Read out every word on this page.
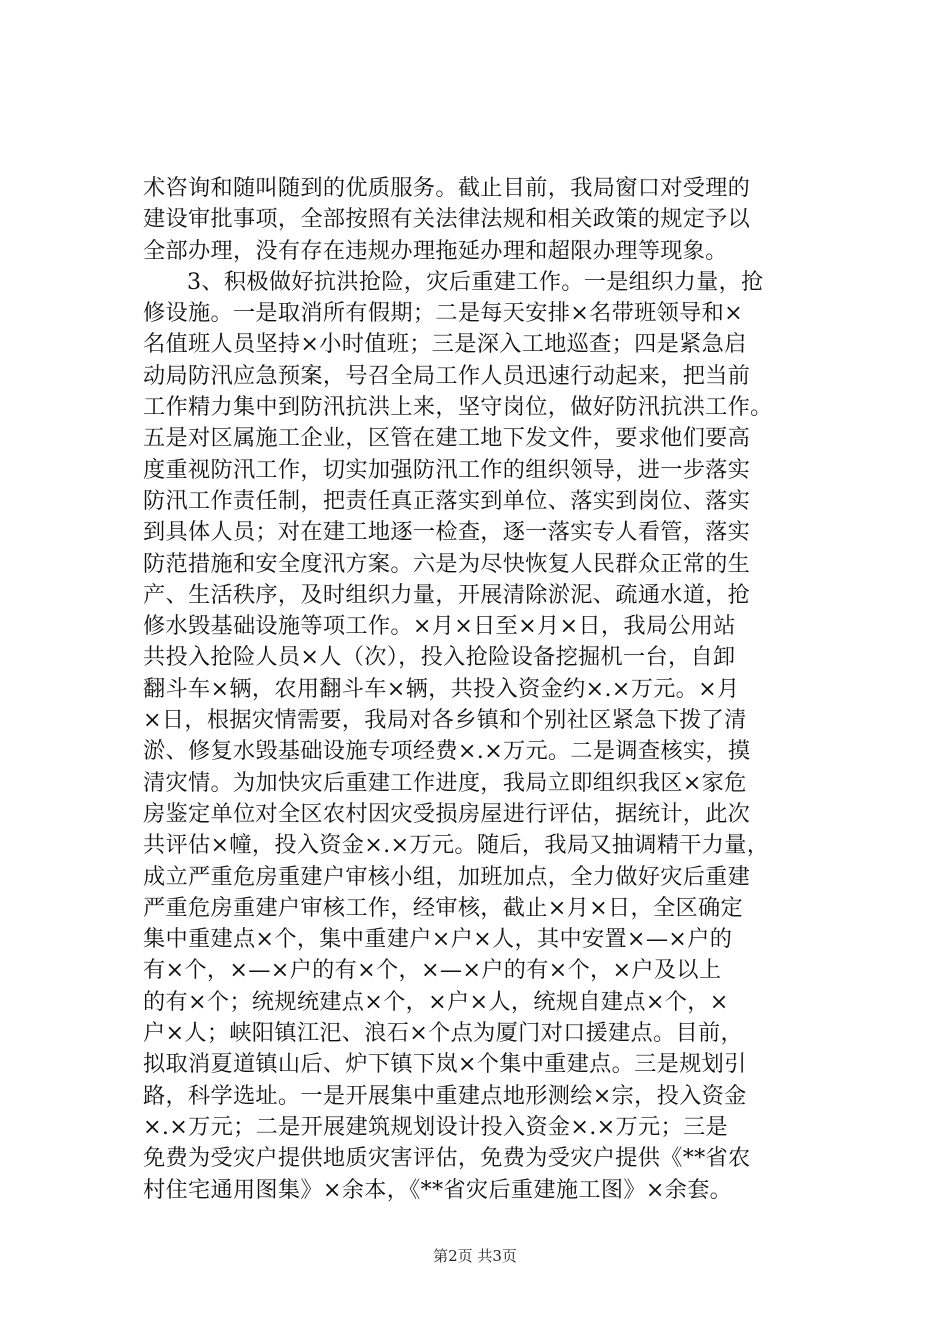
术咨询和随叫随到的优质服务。截止目前，我局窗口对受理的
建设审批事项，全部按照有关法律法规和相关政策的规定予以
全部办理，没有存在违规办理拖延办理和超限办理等现象。
3、积极做好抗洪抢险，灾后重建工作。一是组织力量，抢
修设施。一是取消所有假期；二是每天安排×名带班领导和×
名值班人员坚持×小时值班；三是深入工地巡查；四是紧急启
动局防汛应急预案，号召全局工作人员迅速行动起来，把当前
工作精力集中到防汛抗洪上来，坚守岗位，做好防汛抗洪工作。
五是对区属施工企业，区管在建工地下发文件，要求他们要高
度重视防汛工作，切实加强防汛工作的组织领导，进一步落实
防汛工作责任制，把责任真正落实到单位、落实到岗位、落实
到具体人员；对在建工地逐一检查，逐一落实专人看管，落实
防范措施和安全度汛方案。六是为尽快恢复人民群众正常的生
产、生活秩序，及时组织力量，开展清除淤泥、疏通水道，抢
修水毁基础设施等项工作。×月×日至×月×日，我局公用站
共投入抢险人员×人（次），投入抢险设备挖掘机一台，自卸
翻斗车×辆，农用翻斗车×辆，共投入资金约×.×万元。×月
×日，根据灾情需要，我局对各乡镇和个别社区紧急下拨了清
淤、修复水毁基础设施专项经费×.×万元。二是调查核实，摸
清灾情。为加快灾后重建工作进度，我局立即组织我区×家危
房鉴定单位对全区农村因灾受损房屋进行评估，据统计，此次
共评估×幢，投入资金×.×万元。随后，我局又抽调精干力量，
成立严重危房重建户审核小组，加班加点，全力做好灾后重建
严重危房重建户审核工作，经审核，截止×月×日，全区确定
集中重建点×个，集中重建户×户×人，其中安置×—×户的
有×个，×—×户的有×个，×—×户的有×个，×户及以上
的有×个；统规统建点×个，×户×人，统规自建点×个，×
户×人；峡阳镇江汜、浪石×个点为厦门对口援建点。目前，
拟取消夏道镇山后、炉下镇下岚×个集中重建点。三是规划引
路，科学选址。一是开展集中重建点地形测绘×宗，投入资金
×.×万元；二是开展建筑规划设计投入资金×.×万元；三是
免费为受灾户提供地质灾害评估，免费为受灾户提供《**省农
村住宅通用图集》×余本，《**省灾后重建施工图》×余套。
第2页 共3页
